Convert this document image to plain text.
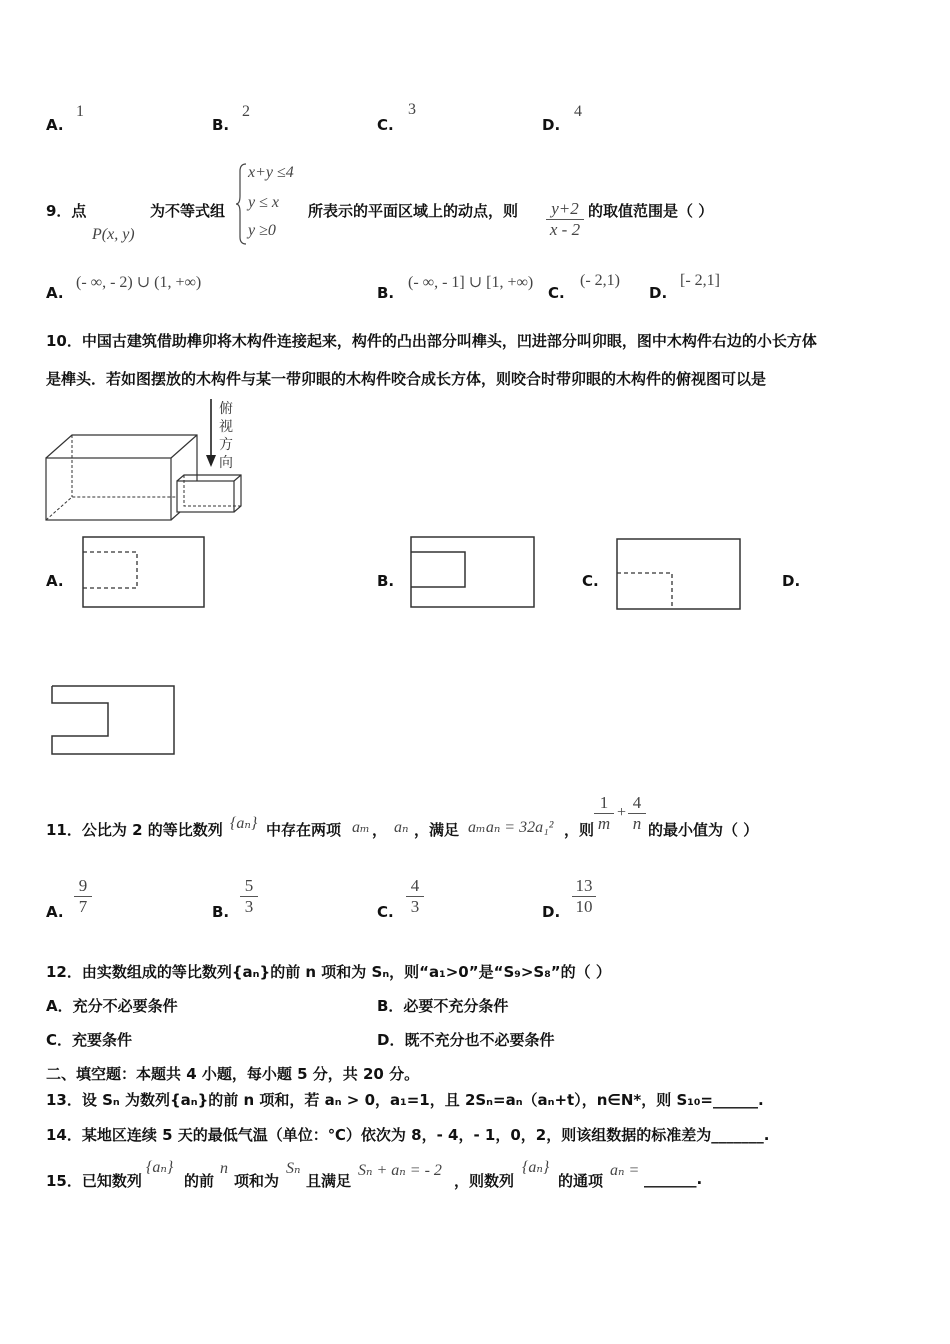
A.
1
B.
2
C.
3
D.
4
9．点
P(x, y)
为不等式组
x+y ≤4
y ≤ x
y ≥0
所表示的平面区域上的动点，则 $\frac{y+2}{x - 2}$ 的取值范围是（ ）
A.
(- ∞, - 2) ∪ (1, +∞)
B.
(- ∞, - 1] ∪ [1, +∞)
C.
(- 2,1)
D.
[- 2,1]
10．中国古建筑借助榫卯将木构件连接起来，构件的凸出部分叫榫头，凹进部分叫卯眼，图中木构件右边的小长方体
是榫头．若如图摆放的木构件与某一带卯眼的木构件咬合成长方体，则咬合时带卯眼的木构件的俯视图可以是
俯
视
方
向
A.	B.	C.	D.
11．公比为 2 的等比数列 {aₙ} 中存在两项 aₘ ， aₙ ，满足 aₘaₙ = 32a₁² ，则 $\frac{1}{m} + \frac{4}{n}$ 的最小值为（ ）
A. $\frac{9}{7}$	B. $\frac{5}{3}$	C. $\frac{4}{3}$	D. $\frac{13}{10}$
12．由实数组成的等比数列{aₙ}的前 n 项和为 Sₙ，则“a₁>0”是“S₉>S₈”的（ ）
A．充分不必要条件	B．必要不充分条件
C．充要条件	D．既不充分也不必要条件
二、填空题：本题共 4 小题，每小题 5 分，共 20 分。
13．设 Sₙ 为数列{aₙ}的前 n 项和，若 aₙ > 0，a₁=1，且 2Sₙ=aₙ（aₙ+t），n∈N*，则 S₁₀=______.
14．某地区连续 5 天的最低气温（单位：℃）依次为 8，- 4，- 1，0，2，则该组数据的标准差为_______.
15．已知数列
{aₙ}
的前
n
项和为
Sₙ
且满足
Sₙ + aₙ = - 2
，则数列
{aₙ}
的通项
aₙ = _______.
